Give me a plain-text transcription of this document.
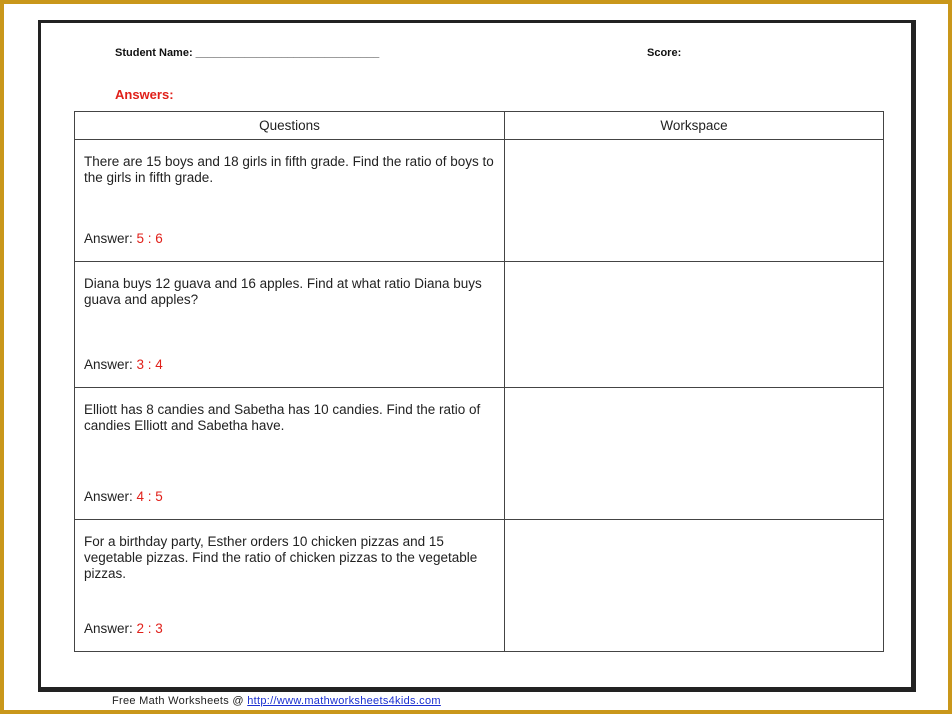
Student Name: ______________________________	Score:
Answers:
Questions	Workspace

There are 15 boys and 18 girls in fifth grade. Find the ratio of boys to the girls in fifth grade.
Answer: 5 : 6	

Diana buys 12 guava and 16 apples. Find at what ratio Diana buys guava and apples?
Answer: 3 : 4	

Elliott has 8 candies and Sabetha has 10 candies. Find the ratio of candies Elliott and Sabetha have.
Answer: 4 : 5	

For a birthday party, Esther orders 10 chicken pizzas and 15 vegetable pizzas. Find the ratio of chicken pizzas to the vegetable pizzas.
Answer: 2 : 3	

Free Math Worksheets @ http://www.mathworksheets4kids.com
